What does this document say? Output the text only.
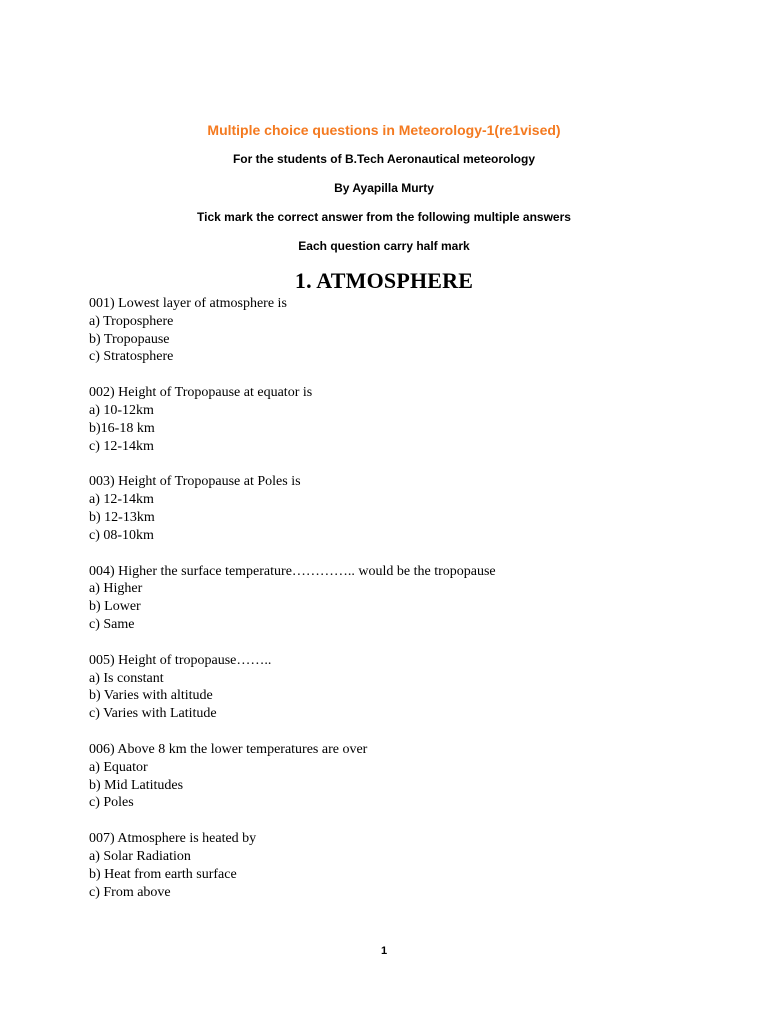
Multiple choice questions in Meteorology-1(re1vised)
For the students of B.Tech Aeronautical meteorology
By Ayapilla Murty
Tick mark the correct answer from the following multiple answers
Each question carry half mark
1. ATMOSPHERE
001) Lowest layer of atmosphere is
a) Troposphere
b) Tropopause
c) Stratosphere
002) Height of Tropopause at equator is
a) 10-12km
b)16-18 km
c) 12-14km
003) Height of Tropopause at Poles is
a) 12-14km
b) 12-13km
c) 08-10km
004) Higher the surface temperature………….. would be the tropopause
a) Higher
b) Lower
c) Same
005) Height of tropopause……..
a) Is constant
b) Varies with altitude
c) Varies with Latitude
006) Above 8 km the lower temperatures are over
a) Equator
b) Mid Latitudes
c) Poles
007) Atmosphere is heated by
a) Solar Radiation
b) Heat from earth surface
c) From above
1
